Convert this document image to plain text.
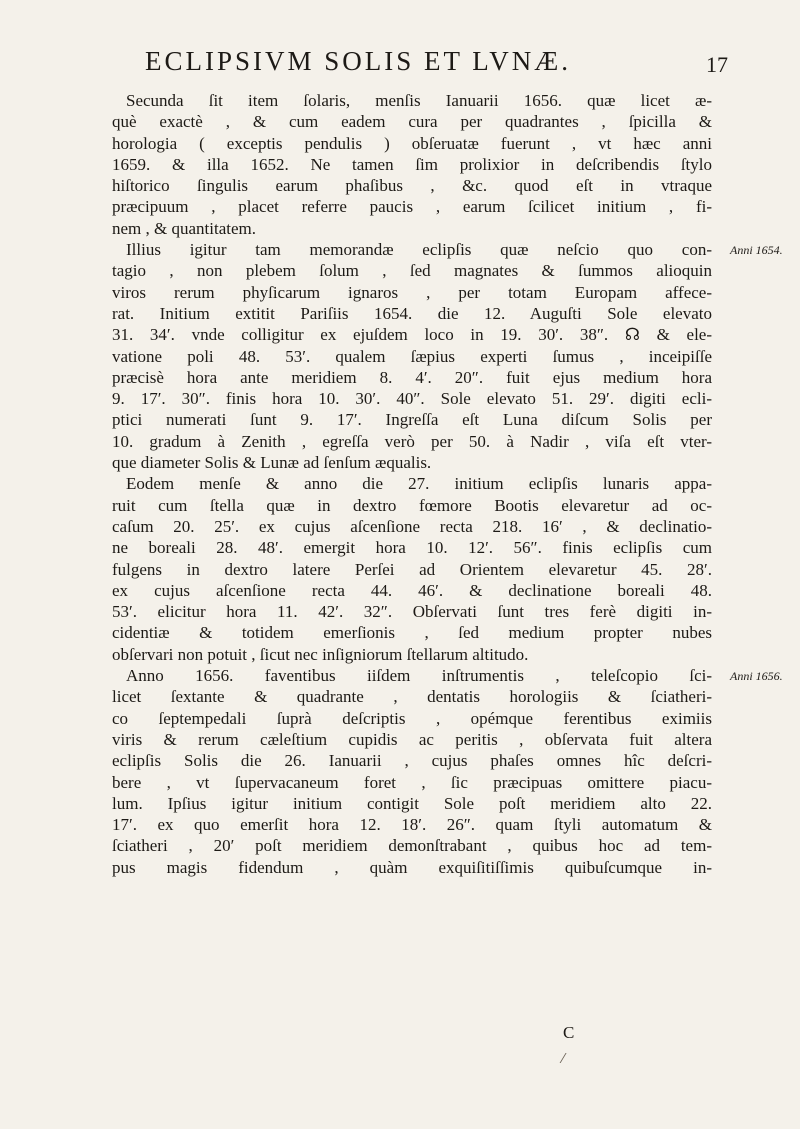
ECLIPSIVM SOLIS ET LVNÆ.	17
Secunda ſit item ſolaris, menſis Ianuarii 1656. quæ licet æ-
què exactè , & cum eadem cura per quadrantes , ſpicilla &
horologia ( exceptis pendulis ) obſeruatæ fuerunt , vt hæc anni
1659. & illa 1652. Ne tamen ſim prolixior in deſcribendis ſtylo
hiſtorico ſingulis earum phaſibus , &c. quod eſt in vtraque
præcipuum , placet referre paucis , earum ſcilicet initium , fi-
nem , & quantitatem.
Illius igitur tam memorandæ eclipſis quæ neſcio quo con-
tagio , non plebem ſolum , ſed magnates & ſummos alioquin
viros rerum phyſicarum ignaros , per totam Europam affece-
rat. Initium extitit Pariſiis 1654. die 12. Auguſti Sole elevato
31. 34′. vnde colligitur ex ejuſdem loco in 19. 30′. 38″. ☊ & ele-
vatione poli 48. 53′. qualem ſæpius experti ſumus , inceipiſſe
præcisè hora ante meridiem 8. 4′. 20″. fuit ejus medium hora
9. 17′. 30″. finis hora 10. 30′. 40″. Sole elevato 51. 29′. digiti ecli-
ptici numerati ſunt 9. 17′. Ingreſſa eſt Luna diſcum Solis per
10. gradum à Zenith , egreſſa verò per 50. à Nadir , viſa eſt vter-
que diameter Solis & Lunæ ad ſenſum æqualis.
Eodem menſe & anno die 27. initium eclipſis lunaris appa-
ruit cum ſtella quæ in dextro fœmore Bootis elevaretur ad oc-
caſum 20. 25′. ex cujus aſcenſione recta 218. 16′ , & declinatio-
ne boreali 28. 48′. emergit hora 10. 12′. 56″. finis eclipſis cum
fulgens in dextro latere Perſei ad Orientem elevaretur 45. 28′.
ex cujus aſcenſione recta 44. 46′. & declinatione boreali 48.
53′. elicitur hora 11. 42′. 32″. Obſervati ſunt tres ferè digiti in-
cidentiæ & totidem emerſionis , ſed medium propter nubes
obſervari non potuit , ſicut nec inſigniorum ſtellarum altitudo.
Anno 1656. faventibus iiſdem inſtrumentis , teleſcopio ſci-
licet ſextante & quadrante , dentatis horologiis & ſciatheri-
co ſeptempedali ſuprà deſcriptis , opémque ferentibus eximiis
viris & rerum cæleſtium cupidis ac peritis , obſervata fuit altera
eclipſis Solis die 26. Ianuarii , cujus phaſes omnes hîc deſcri-
bere , vt ſupervacaneum foret , ſic præcipuas omittere piacu-
lum. Ipſius igitur initium contigit Sole poſt meridiem alto 22.
17′. ex quo emerſit hora 12. 18′. 26″. quam ſtyli automatum &
ſciatheri , 20′ poſt meridiem demonſtrabant , quibus hoc ad tem-
pus magis fidendum , quàm exquiſitiſſimis quibuſcumque in-
Anni 1654.
Anni 1656.
C
⁄
